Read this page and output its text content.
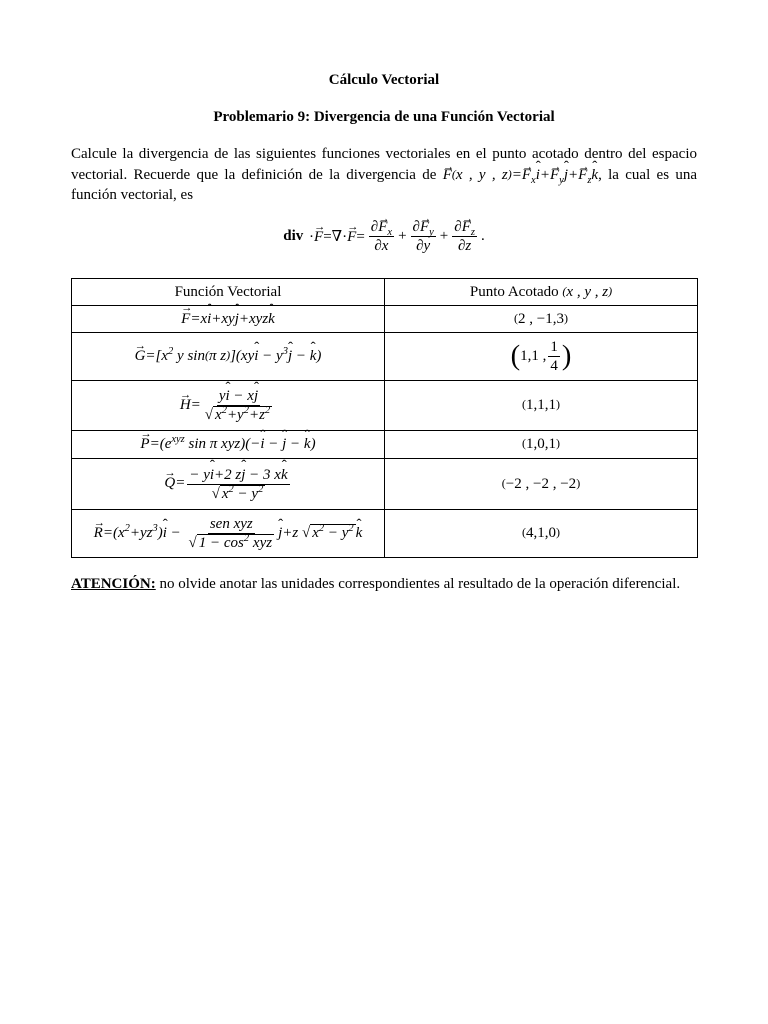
Cálculo Vectorial
Problemario 9: Divergencia de una Función Vectorial

Calcule la divergencia de las siguientes funciones vectoriales en el punto acotado dentro del espacio vectorial. Recuerde que la definición de la divergencia de → F(x , y , $z)=\to F_xˆ$ $i+\to F_yˆ$ $j+\to F_zˆ$ k, la cual es una función vectorial, es

div ·→ $F=\nabla\cdot\to F= \frac{\partial\to F_x}{\partial x} + \frac{\partial\to F_y}{\partial y} + \frac{\partial\to F_z}{\partial z}$ .
Función Vectorial	Punto Acotado (x , y , z)
→ F=xˆ i+xyˆ j+xyzˆ k	(2 , −1,3)
→ $G=[x^2$ y sin(π z)](xyˆ $i - y^3ˆ$ j − ˆ k)	(1,1 , $\frac{1}{4}$ )
→ $H= \frac{\text{yˆ i − xˆ j}}{√ x^2+y^2+z^2}$	(1,1,1)
→ $P=(e^{xyz}$ sin π xyz)(−ˆ i − ˆ j − ˆ k)	(1,0,1)
→ $Q= \frac{\text{− yˆ i+2 zˆ j − 3 xˆ k}}{√ x^2 - y^2}$	(−2 , −2 , −2)
→ $R=(x^2+yz^3)ˆ$ $i - \frac{\text{sen xyz}}{√ 1 - \cos^2 xyz}$ ˆ j+z √ $x^2 - y^2$ ˆ k	(4,1,0)

ATENCIÓN: no olvide anotar las unidades correspondientes al resultado de la operación diferencial.
